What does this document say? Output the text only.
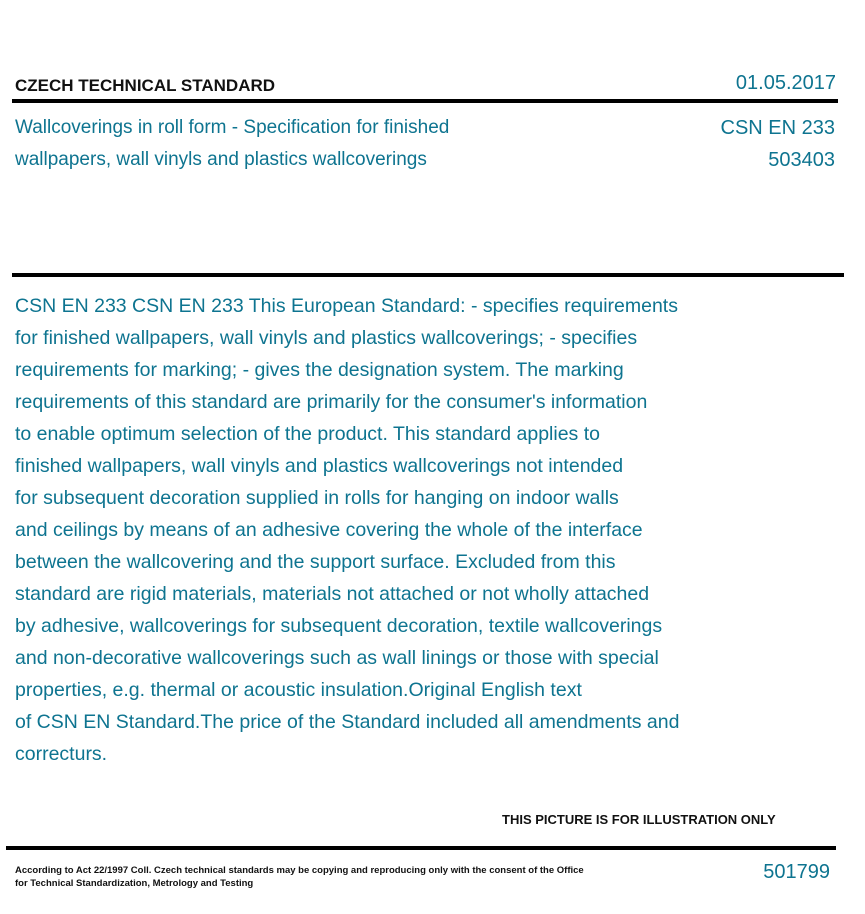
CZECH TECHNICAL STANDARD	01.05.2017
Wallcoverings in roll form - Specification for finished
wallpapers, wall vinyls and plastics wallcoverings
CSN EN 233
503403
CSN EN 233 CSN EN 233 This European Standard: - specifies requirements
for finished wallpapers, wall vinyls and plastics wallcoverings; - specifies
requirements for marking; - gives the designation system. The marking
requirements of this standard are primarily for the consumer's information
to enable optimum selection of the product. This standard applies to
finished wallpapers, wall vinyls and plastics wallcoverings not intended
for subsequent decoration supplied in rolls for hanging on indoor walls
and ceilings by means of an adhesive covering the whole of the interface
between the wallcovering and the support surface. Excluded from this
standard are rigid materials, materials not attached or not wholly attached
by adhesive, wallcoverings for subsequent decoration, textile wallcoverings
and non-decorative wallcoverings such as wall linings or those with special
properties, e.g. thermal or acoustic insulation.Original English text
of CSN EN Standard.The price of the Standard included all amendments and
correcturs.
THIS PICTURE IS FOR ILLUSTRATION ONLY
According to Act 22/1997 Coll. Czech technical standards may be copying and reproducing only with the consent of the Office
for Technical Standardization, Metrology and Testing
501799
